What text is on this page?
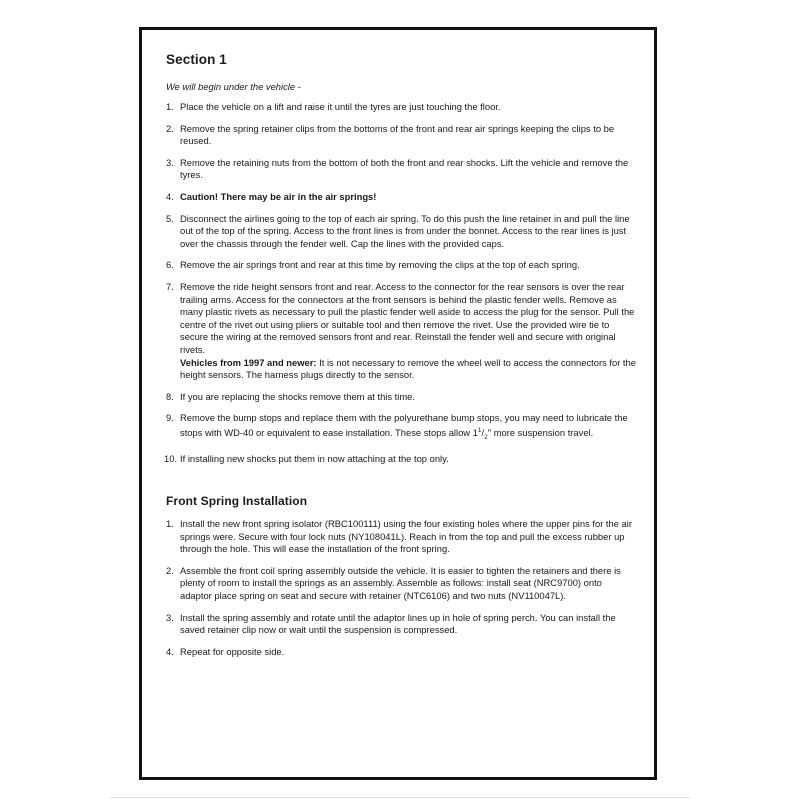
Section 1
We will begin under the vehicle -
1. Place the vehicle on a lift and raise it until the tyres are just touching the floor.
2. Remove the spring retainer clips from the bottoms of the front and rear air springs keeping the clips to be reused.
3. Remove the retaining nuts from the bottom of both the front and rear shocks. Lift the vehicle and remove the tyres.
4. Caution! There may be air in the air springs!
5. Disconnect the airlines going to the top of each air spring. To do this push the line retainer in and pull the line out of the top of the spring. Access to the front lines is from under the bonnet. Access to the rear lines is just over the chassis through the fender well. Cap the lines with the provided caps.
6. Remove the air springs front and rear at this time by removing the clips at the top of each spring.
7. Remove the ride height sensors front and rear. Access to the connector for the rear sensors is over the rear trailing arms. Access for the connectors at the front sensors is behind the plastic fender wells. Remove as many plastic rivets as necessary to pull the plastic fender well aside to access the plug for the sensor. Pull the centre of the rivet out using pliers or suitable tool and then remove the rivet. Use the provided wire tie to secure the wiring at the removed sensors front and rear. Reinstall the fender well and secure with original rivets.
Vehicles from 1997 and newer: It is not necessary to remove the wheel well to access the connectors for the height sensors. The harness plugs directly to the sensor.
8. If you are replacing the shocks remove them at this time.
9. Remove the bump stops and replace them with the polyurethane bump stops, you may need to lubricate the stops with WD-40 or equivalent to ease installation. These stops allow $1^1/_2$" more suspension travel.
10. If installing new shocks put them in now attaching at the top only.
Front Spring Installation
1. Install the new front spring isolator (RBC100111) using the four existing holes where the upper pins for the air springs were. Secure with four lock nuts (NY108041L). Reach in from the top and pull the excess rubber up through the hole. This will ease the installation of the front spring.
2. Assemble the front coil spring assembly outside the vehicle. It is easier to tighten the retainers and there is plenty of room to install the springs as an assembly. Assemble as follows: install seat (NRC9700) onto adaptor place spring on seat and secure with retainer (NTC6106) and two nuts (NV110047L).
3. Install the spring assembly and rotate until the adaptor lines up in hole of spring perch. You can install the saved retainer clip now or wait until the suspension is compressed.
4. Repeat for opposite side.
